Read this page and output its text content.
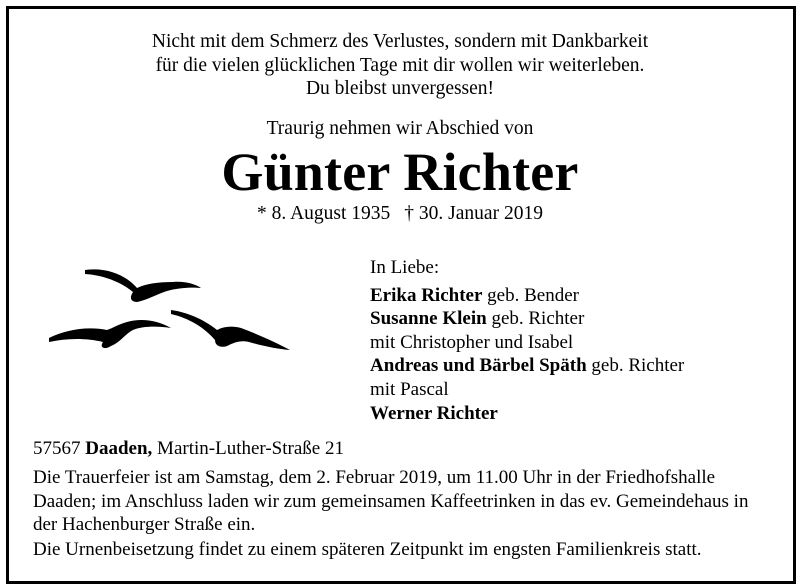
Nicht mit dem Schmerz des Verlustes, sondern mit Dankbarkeit
für die vielen glücklichen Tage mit dir wollen wir weiterleben.
Du bleibst unvergessen!
Traurig nehmen wir Abschied von
Günter Richter
* 8. August 1935 † 30. Januar 2019
In Liebe:
Erika Richter geb. Bender
Susanne Klein geb. Richter
mit Christopher und Isabel
Andreas und Bärbel Späth geb. Richter
mit Pascal
Werner Richter
57567 Daaden, Martin-Luther-Straße 21
Die Trauerfeier ist am Samstag, dem 2. Februar 2019, um 11.00 Uhr in der Friedhofshalle Daaden; im Anschluss laden wir zum gemeinsamen Kaffeetrinken in das ev. Gemeindehaus in der Hachenburger Straße ein.
Die Urnenbeisetzung findet zu einem späteren Zeitpunkt im engsten Familienkreis statt.
